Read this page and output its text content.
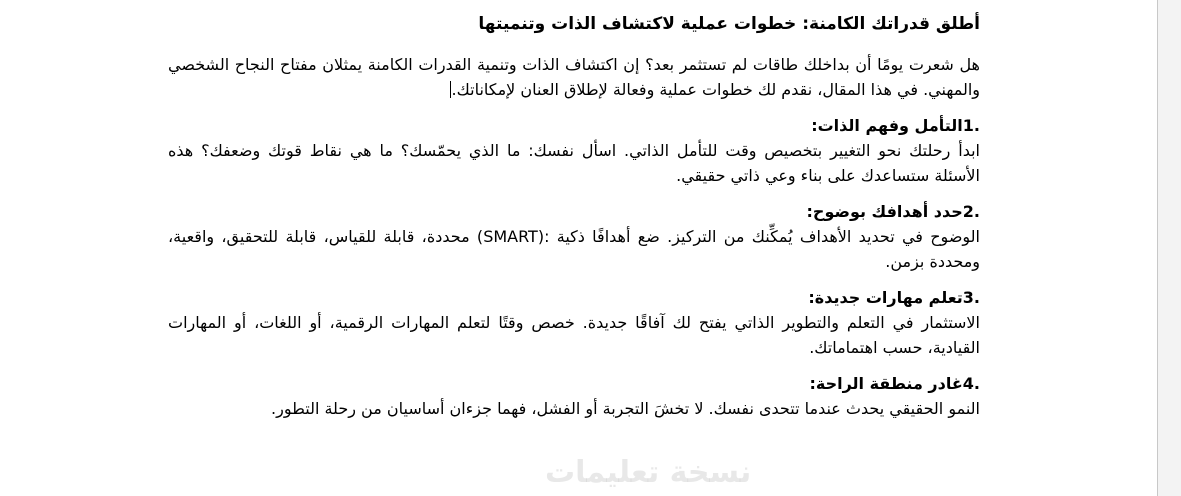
أطلق قدراتك الكامنة: خطوات عملية لاكتشاف الذات وتنميتها

هل شعرت يومًا أن بداخلك طاقات لم تستثمر بعد؟ إن اكتشاف الذات وتنمية القدرات الكامنة يمثلان مفتاح النجاح الشخصي والمهني. في هذا المقال، نقدم لك خطوات عملية وفعالة لإطلاق العنان لإمكاناتك.

.1التأمل وفهم الذات:

ابدأ رحلتك نحو التغيير بتخصيص وقت للتأمل الذاتي. اسأل نفسك: ما الذي يحمّسك؟ ما هي نقاط قوتك وضعفك؟ هذه الأسئلة ستساعدك على بناء وعي ذاتي حقيقي.

.2حدد أهدافك بوضوح:

الوضوح في تحديد الأهداف يُمكِّنك من التركيز. ضع أهدافًا ذكية :(SMART) محددة، قابلة للقياس، قابلة للتحقيق، واقعية، ومحددة بزمن.

.3تعلم مهارات جديدة:

الاستثمار في التعلم والتطوير الذاتي يفتح لك آفاقًا جديدة. خصص وقتًا لتعلم المهارات الرقمية، أو اللغات، أو المهارات القيادية، حسب اهتماماتك.

.4غادر منطقة الراحة:

النمو الحقيقي يحدث عندما تتحدى نفسك. لا تخشَ التجربة أو الفشل، فهما جزءان أساسيان من رحلة التطور.

نسخة تعليمات
